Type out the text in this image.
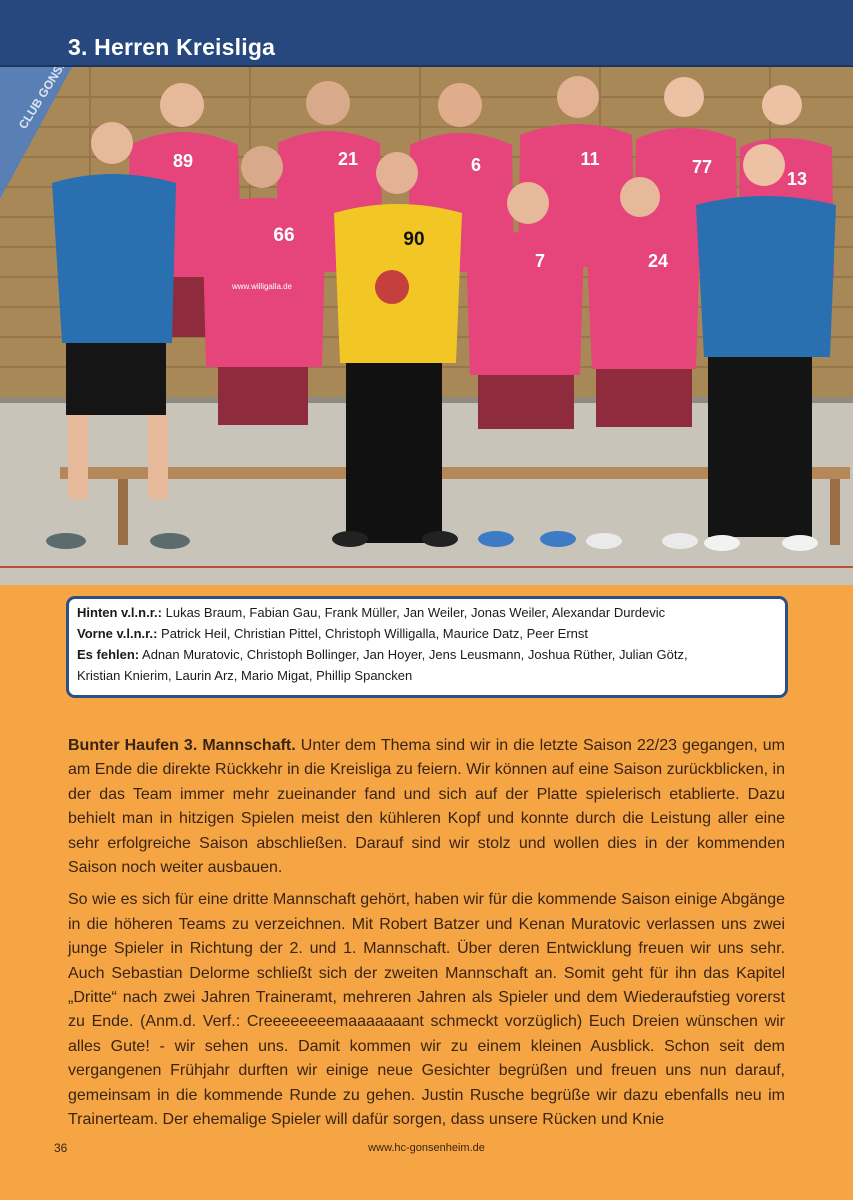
3. Herren Kreisliga
CLUB
89	21	6	11	77
13
66
www.willigalla.de
90
7	24
Hinten v.l.n.r.: Lukas Braum, Fabian Gau, Frank Müller, Jan Weiler, Jonas Weiler, Alexandar Durdevic
Vorne v.l.n.r.: Patrick Heil, Christian Pittel, Christoph Willigalla, Maurice Datz, Peer Ernst
Es fehlen: Adnan Muratovic, Christoph Bollinger, Jan Hoyer, Jens Leusmann, Joshua Rüther, Julian Götz,
Kristian Knierim, Laurin Arz, Mario Migat, Phillip Spancken

Bunter Haufen 3. Mannschaft. Unter dem Thema sind wir in die letzte Saison 22/23 gegangen, um am Ende die direkte Rückkehr in die Kreisliga zu feiern. Wir können auf eine Saison zurückblicken, in der das Team immer mehr zueinander fand und sich auf der Platte spielerisch etablierte. Dazu behielt man in hitzigen Spielen meist den kühleren Kopf und konnte durch die Leistung aller eine sehr erfolgreiche Saison abschließen. Darauf sind wir stolz und wollen dies in der kommenden Saison noch weiter ausbauen.

So wie es sich für eine dritte Mannschaft gehört, haben wir für die kommende Saison einige Abgänge in die höheren Teams zu verzeichnen. Mit Robert Batzer und Kenan Muratovic verlassen uns zwei junge Spieler in Richtung der 2. und 1. Mannschaft. Über deren Entwicklung freuen wir uns sehr. Auch Sebastian Delorme schließt sich der zweiten Mannschaft an. Somit geht für ihn das Kapitel „Dritte“ nach zwei Jahren Traineramt, mehreren Jahren als Spieler und dem Wiederaufstieg vorerst zu Ende. (Anm.d. Verf.: Creeeeeeeemaaaaaaant schmeckt vorzüglich) Euch Dreien wünschen wir alles Gute! - wir sehen uns. Damit kommen wir zu einem kleinen Ausblick. Schon seit dem vergangenen Frühjahr durften wir einige neue Gesichter begrüßen und freuen uns nun darauf, gemeinsam in die kommende Runde zu gehen. Justin Rusche begrüße wir dazu ebenfalls neu im Trainerteam. Der ehemalige Spieler will dafür sorgen, dass unsere Rücken und Knie

36	www.hc-gonsenheim.de
